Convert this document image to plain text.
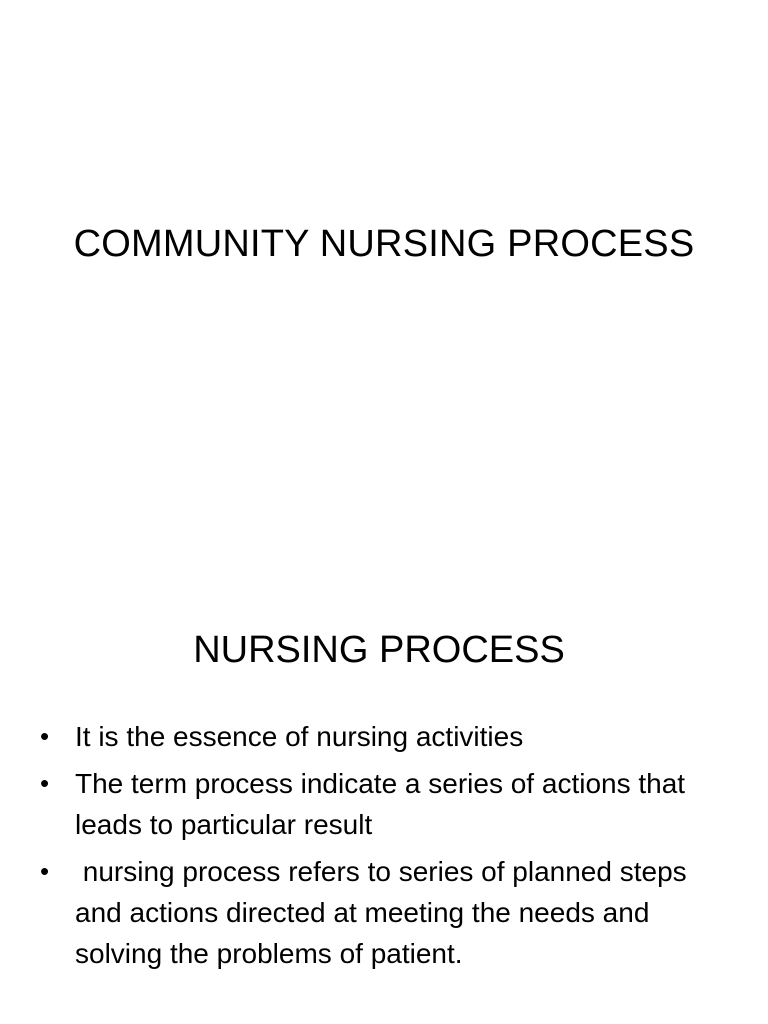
COMMUNITY NURSING PROCESS
NURSING PROCESS
• It is the essence of nursing activities
• The term process indicate a series of actions that leads to particular result
• nursing process refers to series of planned steps and actions directed at meeting the needs and solving the problems of patient.
